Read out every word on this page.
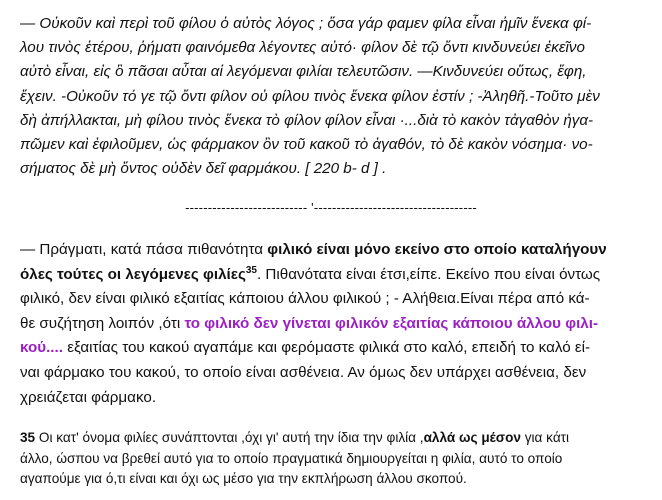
— Οὐκοῦν καὶ περὶ τοῦ φίλου ὁ αὐτὸς λόγος ; ὅσα γάρ φαμεν φίλα εἶναι ἡμῖν ἕνεκα φί-
λου τινὸς ἑτέρου, ῥήματι φαινόμεθα λέγοντες αὐτό· φίλον δὲ τῷ ὄντι κινδυνεύει ἐκεῖνο
αὐτὸ εἶναι, εἰς ὃ πᾶσαι αὗται αἱ λεγόμεναι φιλίαι τελευτῶσιν. —Κινδυνεύει οὕτως, ἔφη,
ἔχειν. -Οὐκοῦν τό γε τῷ ὄντι φίλον οὐ φίλου τινὸς ἕνεκα φίλον ἐστίν ; -Ἀληθῆ.-Τοῦτο μὲν
δὴ ἀπήλλακται, μὴ φίλου τινὸς ἕνεκα τὸ φίλον φίλον εἶναι ·...διὰ τὸ κακὸν τἀγαθὸν ἠγα-
πῶμεν καὶ ἐφιλοῦμεν, ὡς φάρμακον ὂν τοῦ κακοῦ τὸ ἀγαθόν, τὸ δὲ κακὸν νόσημα· νο-
σήματος δὲ μὴ ὄντος οὐδὲν δεῖ φαρμάκου. [ 220 b- d ] .
--------------------------- '------------------------------------
— Πράγματι, κατά πάσα πιθανότητα φιλικό είναι μόνο εκείνο στο οποίο καταλήγουν
όλες τούτες οι λεγόμενες φιλίες$^{35}$. Πιθανότατα είναι έτσι,είπε. Εκείνο που είναι όντως
φιλικό, δεν είναι φιλικό εξαιτίας κάποιου άλλου φιλικού ; - Αλήθεια.Είναι πέρα από κά-
θε συζήτηση λοιπόν ,ότι το φιλικό δεν γίνεται φιλικόν εξαιτίας κάποιου άλλου φιλι-
κού.... εξαιτίας του κακού αγαπάμε και φερόμαστε φιλικά στο καλό, επειδή το καλό εί-
ναι φάρμακο του κακού, το οποίο είναι ασθένεια. Αν όμως δεν υπάρχει ασθένεια, δεν
χρειάζεται φάρμακο.
35 Οι κατ' όνομα φιλίες συνάπτονται ,όχι γι' αυτή την ίδια την φιλία ,αλλά ως μέσον για κάτι
άλλο, ώσπου να βρεθεί αυτό για το οποίο πραγματικά δημιουργείται η φιλία, αυτό το οποίο
αγαπούμε για ό,τι είναι και όχι ως μέσο για την εκπλήρωση άλλου σκοπού.
